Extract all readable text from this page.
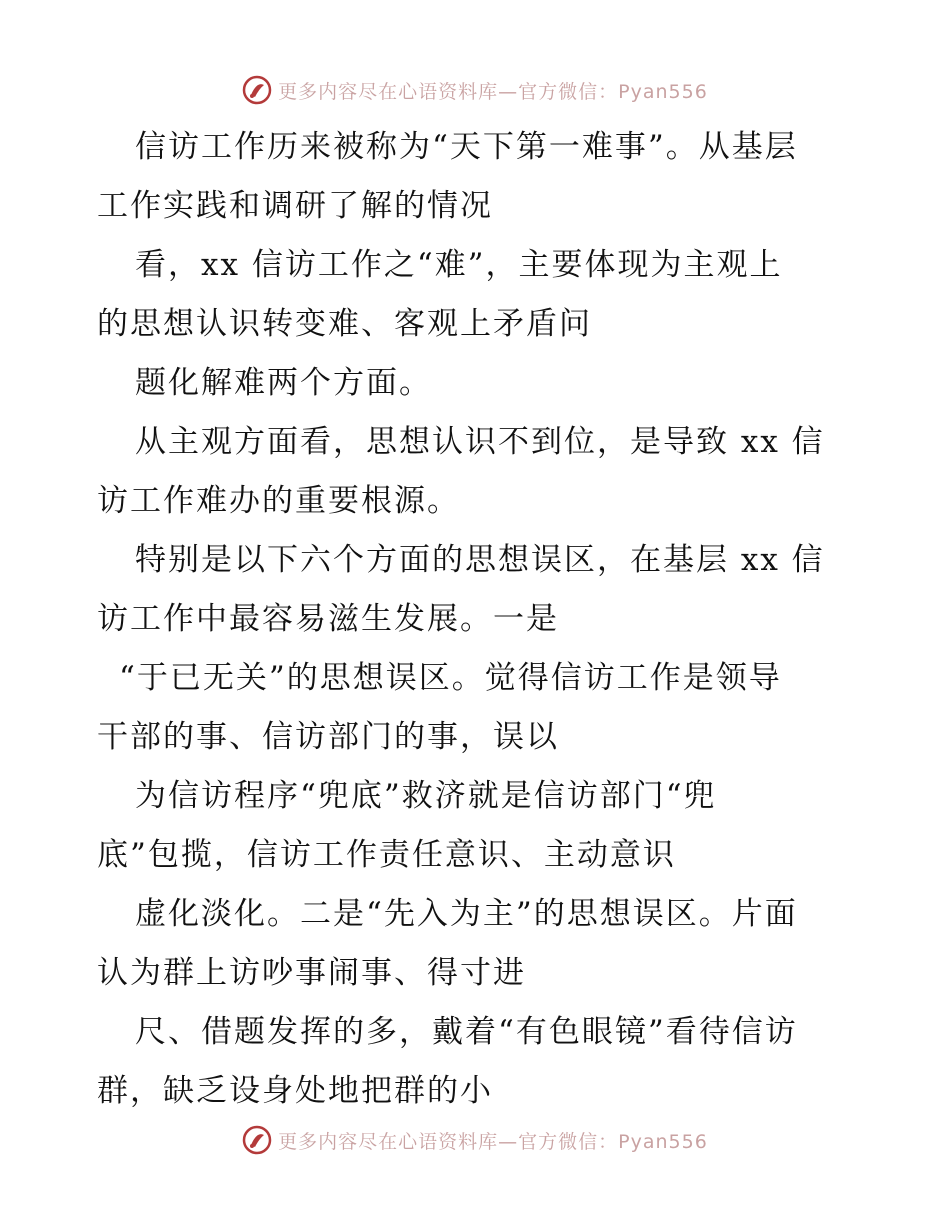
更多内容尽在心语资料库—官方微信：Pyan556
信访工作历来被称为“天下第一难事”。从基层
工作实践和调研了解的情况
看，xx 信访工作之“难”，主要体现为主观上
的思想认识转变难、客观上矛盾问
题化解难两个方面。
从主观方面看，思想认识不到位，是导致 xx 信
访工作难办的重要根源。
特别是以下六个方面的思想误区，在基层 xx 信
访工作中最容易滋生发展。一是
“于已无关”的思想误区。觉得信访工作是领导
干部的事、信访部门的事，误以
为信访程序“兜底”救济就是信访部门“兜
底”包揽，信访工作责任意识、主动意识
虚化淡化。二是“先入为主”的思想误区。片面
认为群上访吵事闹事、得寸进
尺、借题发挥的多，戴着“有色眼镜”看待信访
群，缺乏设身处地把群的小
更多内容尽在心语资料库—官方微信：Pyan556
